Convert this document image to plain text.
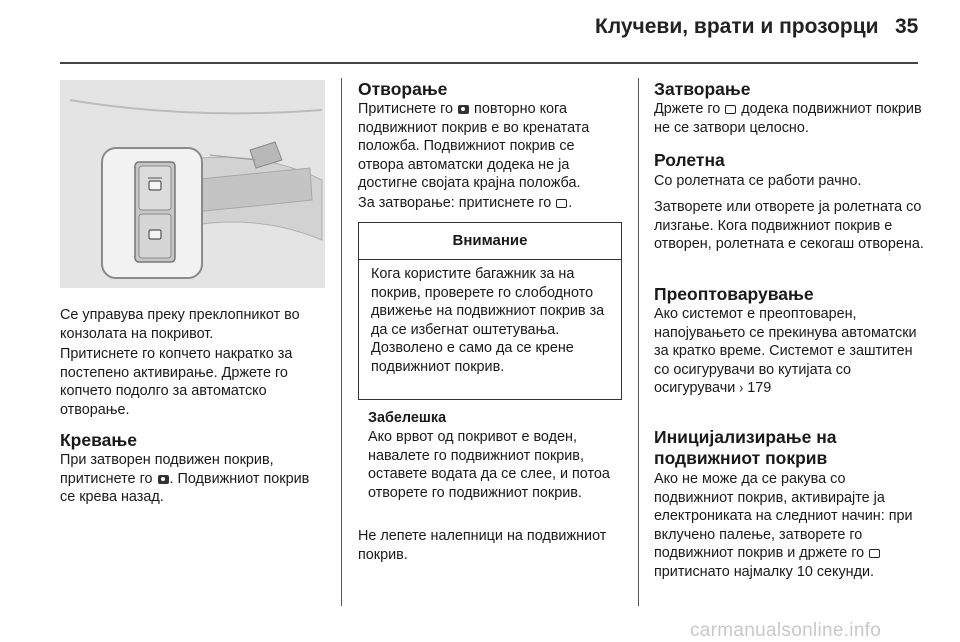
Клучеви, врати и прозорци 35

Се управува преку преклопникот во конзолата на покривот.

Притиснете го копчето накратко за постепено активирање. Држете го копчето подолго за автоматско отворање.

Кревање

При затворен подвижен покрив, притиснете го . Подвижниот покрив се крева назад.

Отворање

Притиснете го  повторно кога подвижниот покрив е во кренатата положба. Подвижниот покрив се отвора автоматски додека не ја достигне својата крајна положба.

За затворање: притиснете го .

Внимание

Кога користите багажник за на покрив, проверете го слободното движење на подвижниот покрив за да се избегнат оштетувања.

Дозволено е само да се крене подвижниот покрив.

Забелешка

Ако врвот од покривот е воден, навалете го подвижниот покрив, оставете водата да се слее, и потоа отворете го подвижниот покрив.

Не лепете налепници на подвижниот покрив.

Затворање

Држете го  додека подвижниот покрив не се затвори целосно.

Ролетна

Со ролетната се работи рачно.

Затворете или отворете ја ролетната со лизгање. Кога подвижниот покрив е отворен, ролетната е секогаш отворена.

Преоптоварување

Ако системот е преоптоварен, напојувањето се прекинува автоматски за кратко време. Системот е заштитен со осигурувачи во кутијата со осигурувачи › 179

Иницијализирање на подвижниот покрив

Ако не може да се ракува со подвижниот покрив, активирајте ја електрониката на следниот начин: при вклучено палење, затворете го подвижниот покрив и држете го  притиснато најмалку 10 секунди.

carmanualsonline.info
